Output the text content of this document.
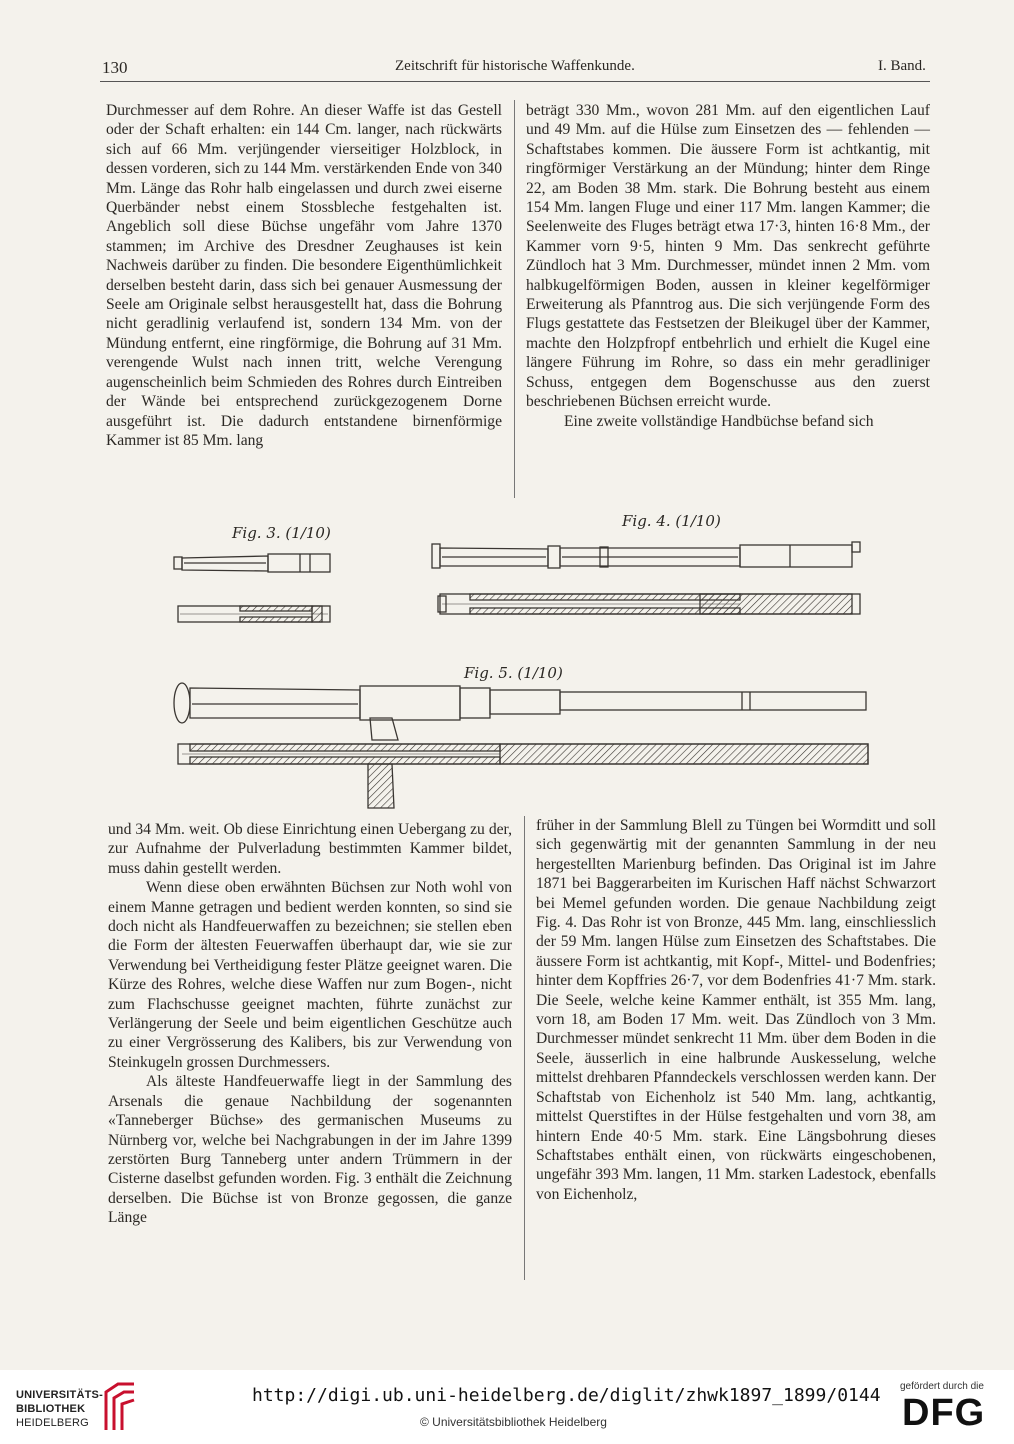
130	Zeitschrift für historische Waffenkunde.	I. Band.

Durchmesser auf dem Rohre. An dieser Waffe ist das Gestell oder der Schaft erhalten: ein 144 Cm. langer, nach rückwärts sich auf 66 Mm. verjüngender vierseitiger Holzblock, in dessen vorderen, sich zu 144 Mm. verstärkenden Ende von 340 Mm. Länge das Rohr halb eingelassen und durch zwei eiserne Querbänder nebst einem Stossbleche festgehalten ist. Angeblich soll diese Büchse ungefähr vom Jahre 1370 stammen; im Archive des Dresdner Zeughauses ist kein Nachweis darüber zu finden. Die besondere Eigenthümlichkeit derselben besteht darin, dass sich bei genauer Ausmessung der Seele am Originale selbst herausgestellt hat, dass die Bohrung nicht geradlinig verlaufend ist, sondern 134 Mm. von der Mündung entfernt, eine ringförmige, die Bohrung auf 31 Mm. verengende Wulst nach innen tritt, welche Verengung augenscheinlich beim Schmieden des Rohres durch Eintreiben der Wände bei entsprechend zurückgezogenem Dorne ausgeführt ist. Die dadurch entstandene birnenförmige Kammer ist 85 Mm. lang

beträgt 330 Mm., wovon 281 Mm. auf den eigentlichen Lauf und 49 Mm. auf die Hülse zum Einsetzen des — fehlenden — Schaftstabes kommen. Die äussere Form ist achtkantig, mit ringförmiger Verstärkung an der Mündung; hinter dem Ringe 22, am Boden 38 Mm. stark. Die Bohrung besteht aus einem 154 Mm. langen Fluge und einer 117 Mm. langen Kammer; die Seelenweite des Fluges beträgt etwa 17·3, hinten 16·8 Mm., der Kammer vorn 9·5, hinten 9 Mm. Das senkrecht geführte Zündloch hat 3 Mm. Durchmesser, mündet innen 2 Mm. vom halbkugelförmigen Boden, aussen in kleiner kegelförmiger Erweiterung als Pfanntrog aus. Die sich verjüngende Form des Flugs gestattete das Festsetzen der Bleikugel über der Kammer, machte den Holzpfropf entbehrlich und erhielt die Kugel eine längere Führung im Rohre, so dass ein mehr geradliniger Schuss, entgegen dem Bogenschusse aus den zuerst beschriebenen Büchsen erreicht wurde.

Eine zweite vollständige Handbüchse befand sich

Fig. 3. (1/10)
Fig. 4. (1/10)
Fig. 5. (1/10)

und 34 Mm. weit. Ob diese Einrichtung einen Uebergang zu der, zur Aufnahme der Pulverladung bestimmten Kammer bildet, muss dahin gestellt werden.

Wenn diese oben erwähnten Büchsen zur Noth wohl von einem Manne getragen und bedient werden konnten, so sind sie doch nicht als Handfeuerwaffen zu bezeichnen; sie stellen eben die Form der ältesten Feuerwaffen überhaupt dar, wie sie zur Verwendung bei Vertheidigung fester Plätze geeignet waren. Die Kürze des Rohres, welche diese Waffen nur zum Bogen-, nicht zum Flachschusse geeignet machten, führte zunächst zur Verlängerung der Seele und beim eigentlichen Geschütze auch zu einer Vergrösserung des Kalibers, bis zur Verwendung von Steinkugeln grossen Durchmessers.

Als älteste Handfeuerwaffe liegt in der Sammlung des Arsenals die genaue Nachbildung der sogenannten «Tanneberger Büchse» des germanischen Museums zu Nürnberg vor, welche bei Nachgrabungen in der im Jahre 1399 zerstörten Burg Tanneberg unter andern Trümmern in der Cisterne daselbst gefunden worden. Fig. 3 enthält die Zeichnung derselben. Die Büchse ist von Bronze gegossen, die ganze Länge

früher in der Sammlung Blell zu Tüngen bei Wormditt und soll sich gegenwärtig mit der genannten Sammlung in der neu hergestellten Marienburg befinden. Das Original ist im Jahre 1871 bei Baggerarbeiten im Kurischen Haff nächst Schwarzort bei Memel gefunden worden. Die genaue Nachbildung zeigt Fig. 4. Das Rohr ist von Bronze, 445 Mm. lang, einschliesslich der 59 Mm. langen Hülse zum Einsetzen des Schaftstabes. Die äussere Form ist achtkantig, mit Kopf-, Mittel- und Bodenfries; hinter dem Kopffries 26·7, vor dem Bodenfries 41·7 Mm. stark. Die Seele, welche keine Kammer enthält, ist 355 Mm. lang, vorn 18, am Boden 17 Mm. weit. Das Zündloch von 3 Mm. Durchmesser mündet senkrecht 11 Mm. über dem Boden in die Seele, äusserlich in eine halbrunde Auskesselung, welche mittelst drehbaren Pfanndeckels verschlossen werden kann. Der Schaftstab von Eichenholz ist 540 Mm. lang, achtkantig, mittelst Querstiftes in der Hülse festgehalten und vorn 38, am hintern Ende 40·5 Mm. stark. Eine Längsbohrung dieses Schaftstabes enthält einen, von rückwärts eingeschobenen, ungefähr 393 Mm. langen, 11 Mm. starken Ladestock, ebenfalls von Eichenholz,

UNIVERSITÄTS-
BIBLIOTHEK
HEIDELBERG
http://digi.ub.uni-heidelberg.de/diglit/zhwk1897_1899/0144
© Universitätsbibliothek Heidelberg
gefördert durch die
DFG
